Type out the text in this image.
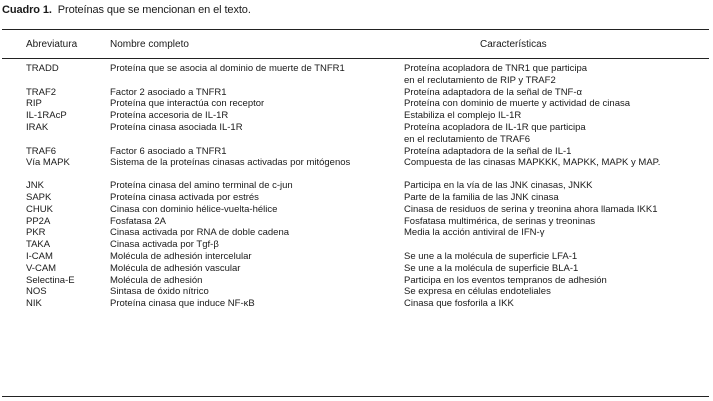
Cuadro 1. Proteínas que se mencionan en el texto.
Abreviatura	Nombre completo	Características
TRADD	Proteína que se asocia al dominio de muerte de TNFR1	Proteína acopladora de TNR1 que participa
en el reclutamiento de RIP y TRAF2

TRAF2	Factor 2 asociado a TNFR1	Proteína adaptadora de la señal de TNF-α

RIP	Proteína que interactúa con receptor	Proteína con dominio de muerte y actividad de cinasa

IL-1RAcP	Proteína accesoria de IL-1R	Estabiliza el complejo IL-1R

IRAK	Proteína cinasa asociada IL-1R	Proteína acopladora de IL-1R que participa
en el reclutamiento de TRAF6

TRAF6	Factor 6 asociado a TNFR1	Proteína adaptadora de la señal de IL-1

Vía MAPK	Sistema de la proteínas cinasas activadas por mitógenos	Compuesta de las cinasas MAPKKK, MAPKK, MAPK y MAP.

JNK	Proteína cinasa del amino terminal de c-jun	Participa en la vía de las JNK cinasas, JNKK

SAPK	Proteína cinasa activada por estrés	Parte de la familia de las JNK cinasa

CHUK	Cinasa con dominio hélice-vuelta-hélice	Cinasa de residuos de serina y treonina ahora llamada IKK1

PP2A	Fosfatasa 2A	Fosfatasa multimérica, de serinas y treoninas

PKR	Cinasa activada por RNA de doble cadena	Media la acción antiviral de IFN-γ

TAKA	Cinasa activada por Tgf-β	

I-CAM	Molécula de adhesión intercelular	Se une a la molécula de superficie LFA-1

V-CAM	Molécula de adhesión vascular	Se une a la molécula de superficie BLA-1

Selectina-E	Molécula de adhesión	Participa en los eventos tempranos de adhesión

NOS	Sintasa de óxido nítrico	Se expresa en células endoteliales

NIK	Proteína cinasa que induce NF-κB	Cinasa que fosforila a IKK
